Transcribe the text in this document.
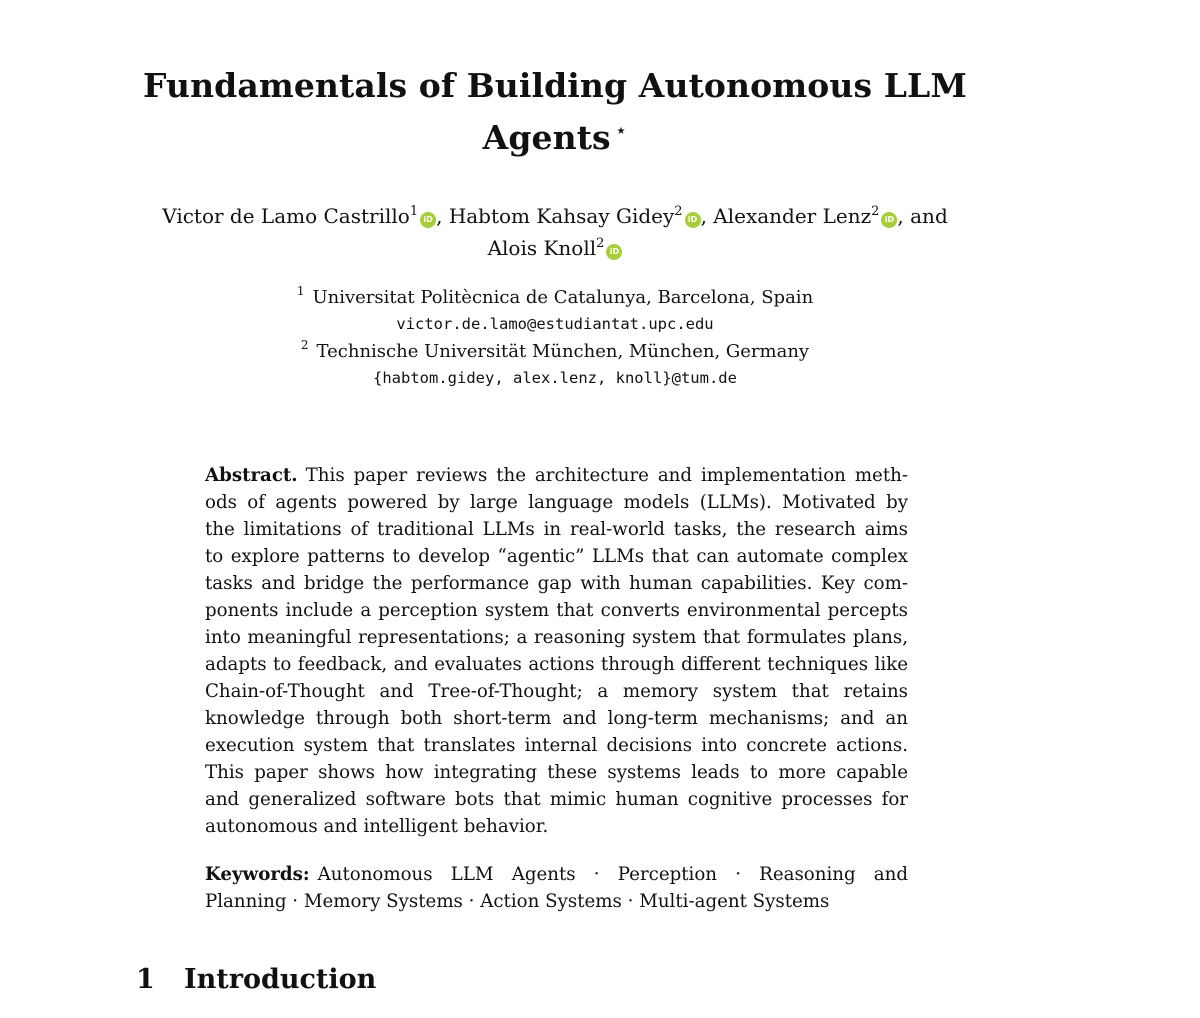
Fundamentals of Building Autonomous LLM
Agents ⋆
Victor de Lamo Castrillo$^1$iD , Habtom Kahsay Gidey$^2$iD , Alexander Lenz$^2$iD , and
Alois Knoll$^2$iD
$^1$ Universitat Politècnica de Catalunya, Barcelona, Spain
victor.de.lamo@estudiantat.upc.edu
$^2$ Technische Universität München, München, Germany
{habtom.gidey, alex.lenz, knoll}@tum.de
Abstract. This paper reviews the architecture and implementation meth-
ods of agents powered by large language models (LLMs). Motivated by
the limitations of traditional LLMs in real-world tasks, the research aims
to explore patterns to develop “agentic” LLMs that can automate complex
tasks and bridge the performance gap with human capabilities. Key com-
ponents include a perception system that converts environmental percepts
into meaningful representations; a reasoning system that formulates plans,
adapts to feedback, and evaluates actions through different techniques like
Chain-of-Thought and Tree-of-Thought; a memory system that retains
knowledge through both short-term and long-term mechanisms; and an
execution system that translates internal decisions into concrete actions.
This paper shows how integrating these systems leads to more capable
and generalized software bots that mimic human cognitive processes for
autonomous and intelligent behavior.
Keywords: Autonomous LLM Agents · Perception · Reasoning and
Planning · Memory Systems · Action Systems · Multi-agent Systems
1 Introduction
